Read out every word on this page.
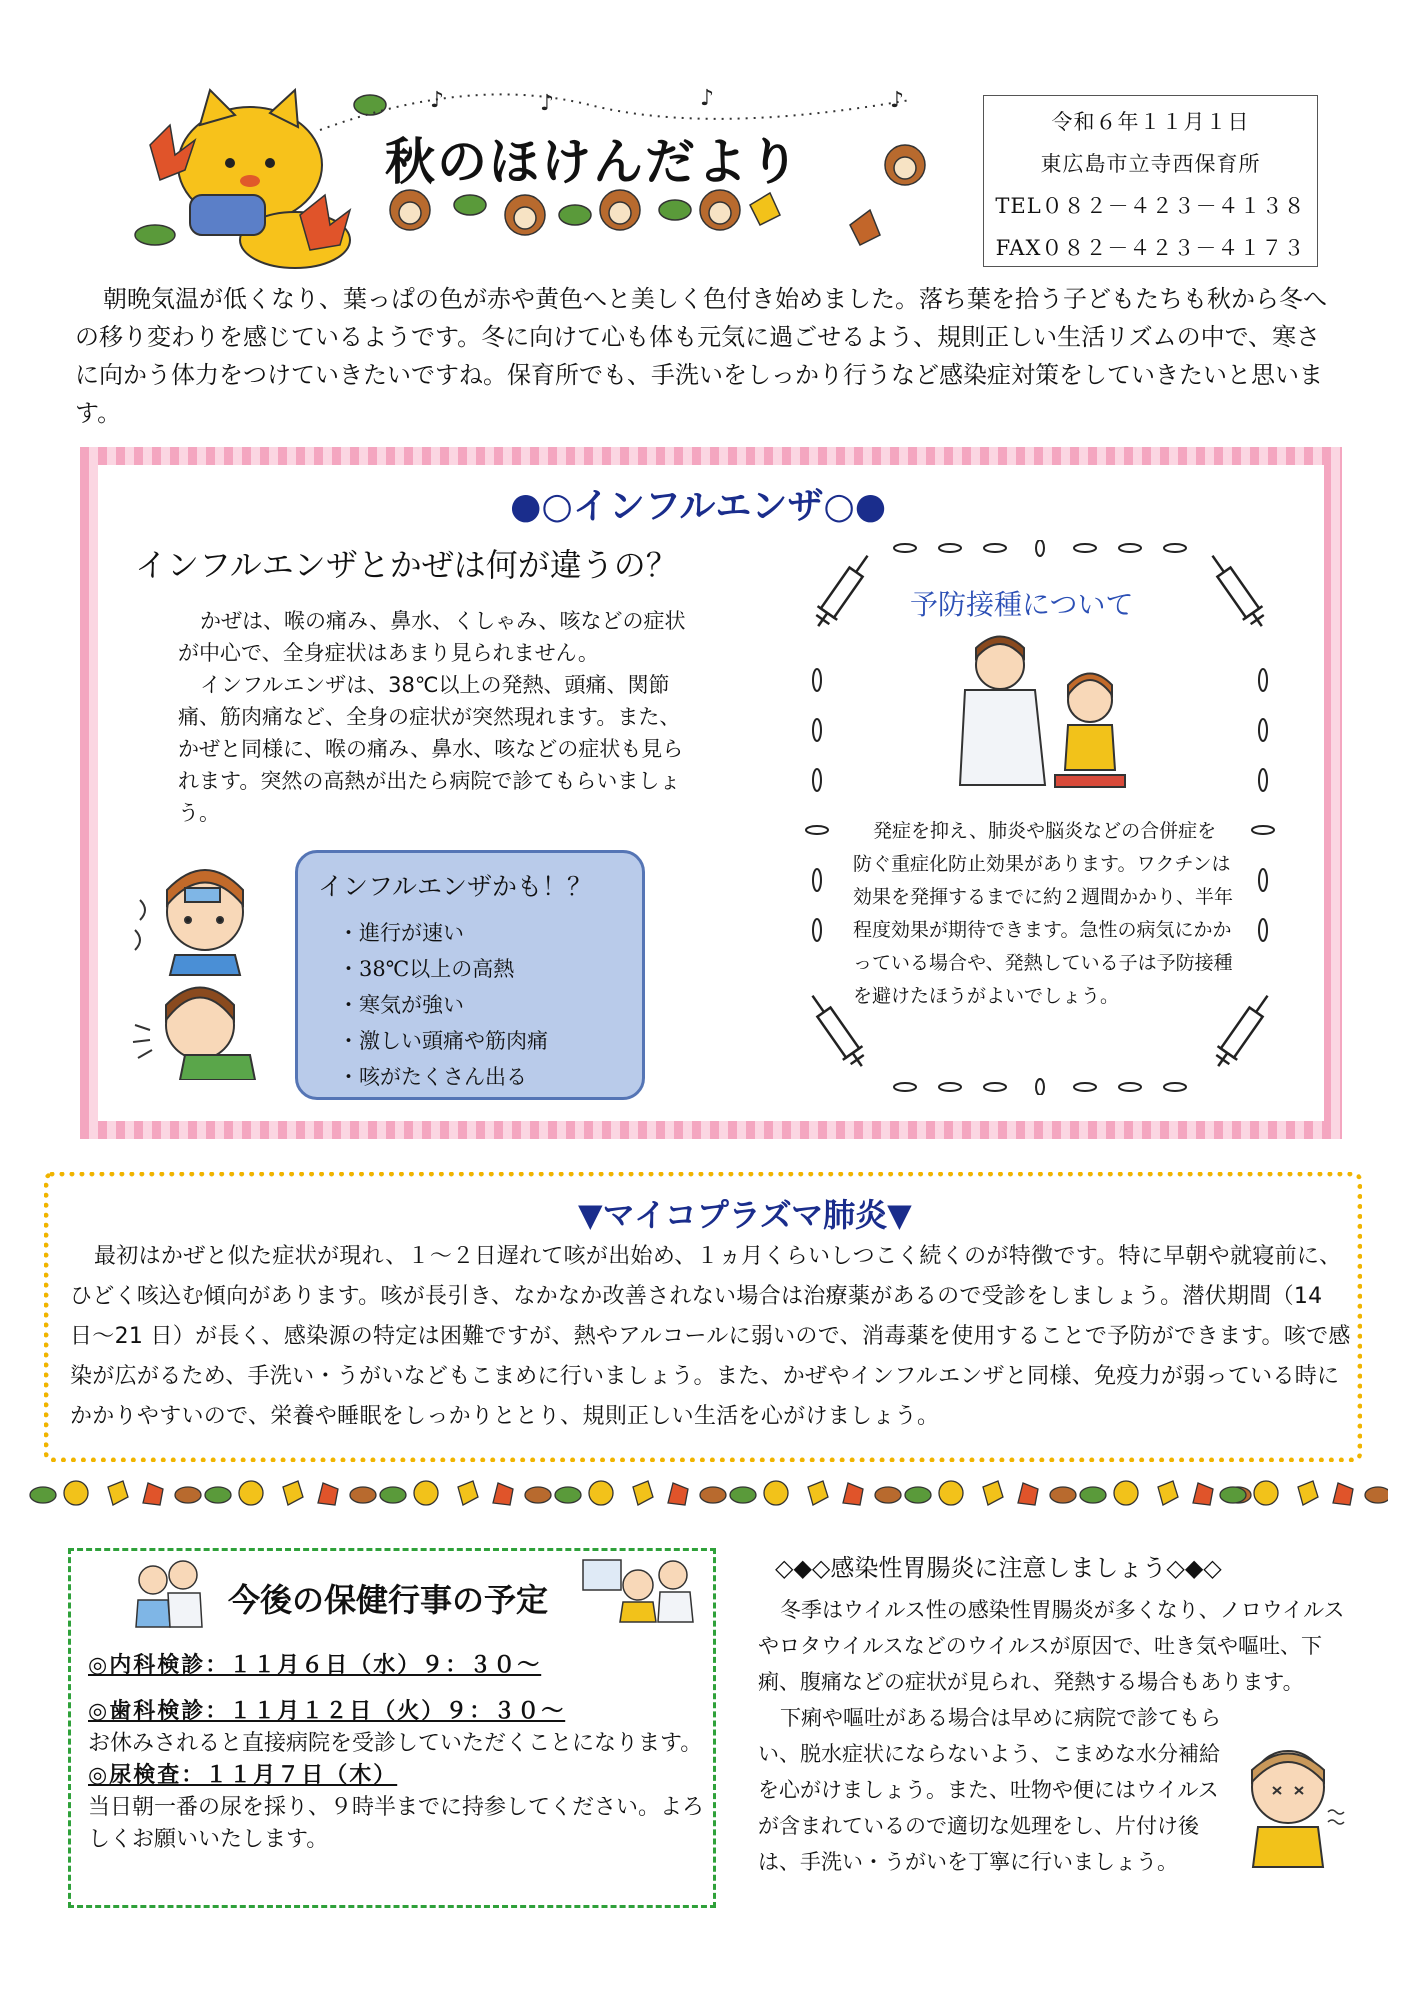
♪	♪	♪	♪
秋のほけんだより
令和６年１１月１日
東広島市立寺西保育所
TEL０８２－４２３－４１３８
FAX０８２－４２３－４１７３
朝晩気温が低くなり、葉っぱの色が赤や黄色へと美しく色付き始めました。落ち葉を拾う子どもたちも秋から冬への移り変わりを感じているようです。冬に向けて心も体も元気に過ごせるよう、規則正しい生活リズムの中で、寒さに向かう体力をつけていきたいですね。保育所でも、手洗いをしっかり行うなど感染症対策をしていきたいと思います。
●○インフルエンザ○●
インフルエンザとかぜは何が違うの？

かぜは、喉の痛み、鼻水、くしゃみ、咳などの症状が中心で、全身症状はあまり見られません。

インフルエンザは、38℃以上の発熱、頭痛、関節痛、筋肉痛など、全身の症状が突然現れます。また、かぜと同様に、喉の痛み、鼻水、咳などの症状も見られます。突然の高熱が出たら病院で診てもらいましょう。

インフルエンザかも！？
・進行が速い
・38℃以上の高熱
・寒気が強い
・激しい頭痛や筋肉痛
・咳がたくさん出る
予防接種について

発症を抑え、肺炎や脳炎などの合併症を防ぐ重症化防止効果があります。ワクチンは効果を発揮するまでに約２週間かかり、半年程度効果が期待できます。急性の病気にかかっている場合や、発熱している子は予防接種を避けたほうがよいでしょう。

▼マイコプラズマ肺炎▼
最初はかぜと似た症状が現れ、１～２日遅れて咳が出始め、１ヵ月くらいしつこく続くのが特徴です。特に早朝や就寝前に、ひどく咳込む傾向があります。咳が長引き、なかなか改善されない場合は治療薬があるので受診をしましょう。潜伏期間（14 日～21 日）が長く、感染源の特定は困難ですが、熱やアルコールに弱いので、消毒薬を使用することで予防ができます。咳で感染が広がるため、手洗い・うがいなどもこまめに行いましょう。また、かぜやインフルエンザと同様、免疫力が弱っている時にかかりやすいので、栄養や睡眠をしっかりととり、規則正しい生活を心がけましょう。
今後の保健行事の予定
◎内科検診：１１月６日（水）９：３０～
◎歯科検診：１１月１２日（火）９：３０～
お休みされると直接病院を受診していただくことになります。
◎尿検査：１１月７日（木）
当日朝一番の尿を採り、９時半までに持参してください。よろしくお願いいたします。
◇◆◇感染性胃腸炎に注意しましょう◇◆◇

冬季はウイルス性の感染性胃腸炎が多くなり、ノロウイルスやロタウイルスなどのウイルスが原因で、吐き気や嘔吐、下痢、腹痛などの症状が見られ、発熱する場合もあります。

下痢や嘔吐がある場合は早めに病院で診てもらい、脱水症状にならないよう、こまめな水分補給を心がけましょう。また、吐物や便にはウイルスが含まれているので適切な処理をし、片付け後は、手洗い・うがいを丁寧に行いましょう。
